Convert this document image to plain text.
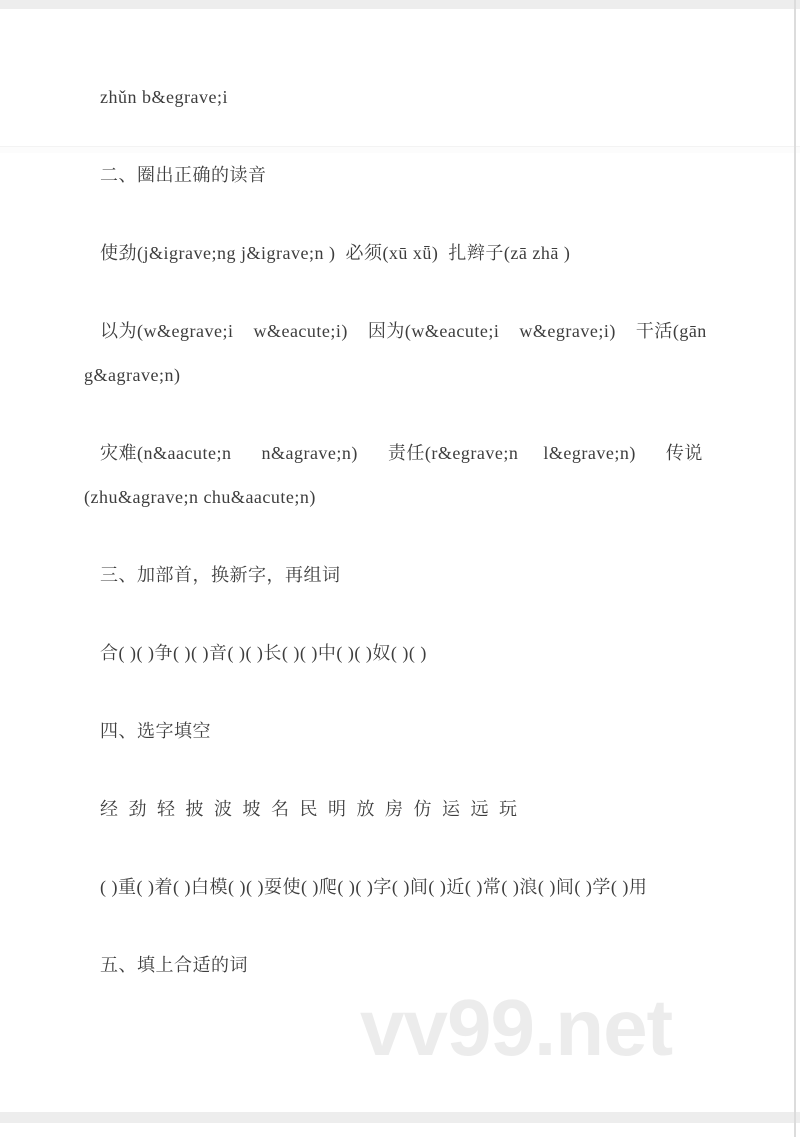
zhǔn b&egrave;i
二、圈出正确的读音
使劲(j&igrave;ng j&igrave;n )  必须(xū xǖ)  扎辫子(zā zhā )
以为(w&egrave;i    w&eacute;i)    因为(w&eacute;i    w&egrave;i)    干活(gān
g&agrave;n)
灾难(n&aacute;n      n&agrave;n)      责任(r&egrave;n     l&egrave;n)      传说
(zhu&agrave;n chu&aacute;n)
三、加部首，换新字，再组词
合( )( )争( )( )音( )( )长( )( )中( )( )奴( )( )
四、选字填空
经  劲  轻  披  波  坡  名  民  明  放  房  仿  运  远  玩
( )重( )着( )白模( )( )耍使( )爬( )( )字( )间( )近( )常( )浪( )间( )学( )用
五、填上合适的词
vv99.net
